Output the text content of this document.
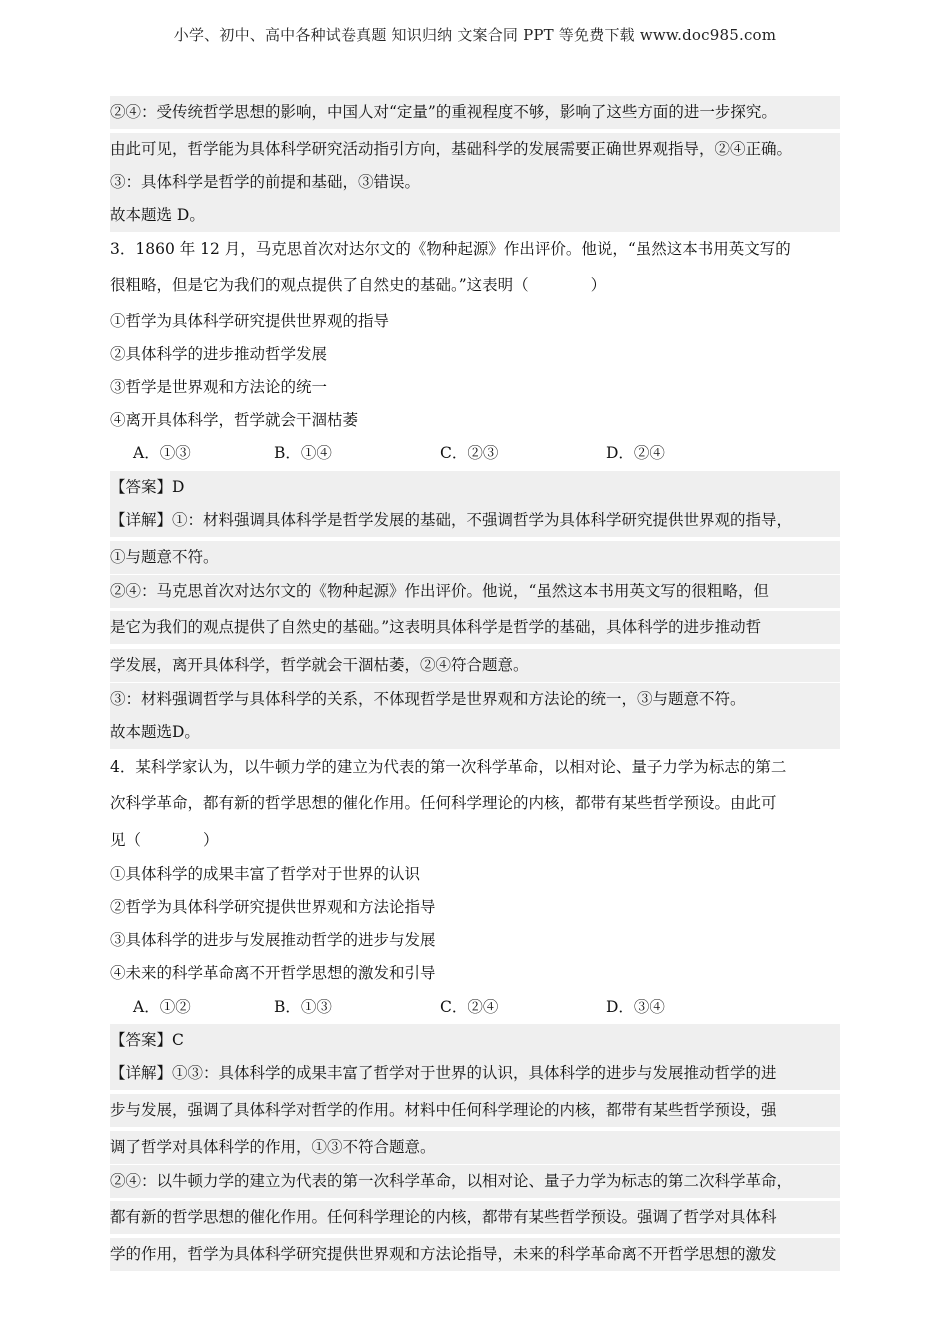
小学、初中、高中各种试卷真题 知识归纳 文案合同 PPT 等免费下载 www.doc985.com
②④：受传统哲学思想的影响，中国人对“定量”的重视程度不够，影响了这些方面的进一步探究。
由此可见，哲学能为具体科学研究活动指引方向，基础科学的发展需要正确世界观指导，②④正确。
③：具体科学是哲学的前提和基础，③错误。
故本题选 D。
3．1860 年 12 月，马克思首次对达尔文的《物种起源》作出评价。他说，“虽然这本书用英文写的
很粗略，但是它为我们的观点提供了自然史的基础。”这表明（　　　　）
①哲学为具体科学研究提供世界观的指导
②具体科学的进步推动哲学发展
③哲学是世界观和方法论的统一
④离开具体科学，哲学就会干涸枯萎
A．①③	B．①④	C．②③	D．②④
【答案】D
【详解】①：材料强调具体科学是哲学发展的基础，不强调哲学为具体科学研究提供世界观的指导，
①与题意不符。
②④：马克思首次对达尔文的《物种起源》作出评价。他说，“虽然这本书用英文写的很粗略，但
是它为我们的观点提供了自然史的基础。”这表明具体科学是哲学的基础，具体科学的进步推动哲
学发展，离开具体科学，哲学就会干涸枯萎，②④符合题意。
③：材料强调哲学与具体科学的关系，不体现哲学是世界观和方法论的统一，③与题意不符。
故本题选D。
4．某科学家认为，以牛顿力学的建立为代表的第一次科学革命，以相对论、量子力学为标志的第二
次科学革命，都有新的哲学思想的催化作用。任何科学理论的内核，都带有某些哲学预设。由此可
见（　　　　）
①具体科学的成果丰富了哲学对于世界的认识
②哲学为具体科学研究提供世界观和方法论指导
③具体科学的进步与发展推动哲学的进步与发展
④未来的科学革命离不开哲学思想的激发和引导
A．①②	B．①③	C．②④	D．③④
【答案】C
【详解】①③：具体科学的成果丰富了哲学对于世界的认识，具体科学的进步与发展推动哲学的进
步与发展，强调了具体科学对哲学的作用。材料中任何科学理论的内核，都带有某些哲学预设，强
调了哲学对具体科学的作用，①③不符合题意。
②④：以牛顿力学的建立为代表的第一次科学革命，以相对论、量子力学为标志的第二次科学革命，
都有新的哲学思想的催化作用。任何科学理论的内核，都带有某些哲学预设。强调了哲学对具体科
学的作用，哲学为具体科学研究提供世界观和方法论指导，未来的科学革命离不开哲学思想的激发
